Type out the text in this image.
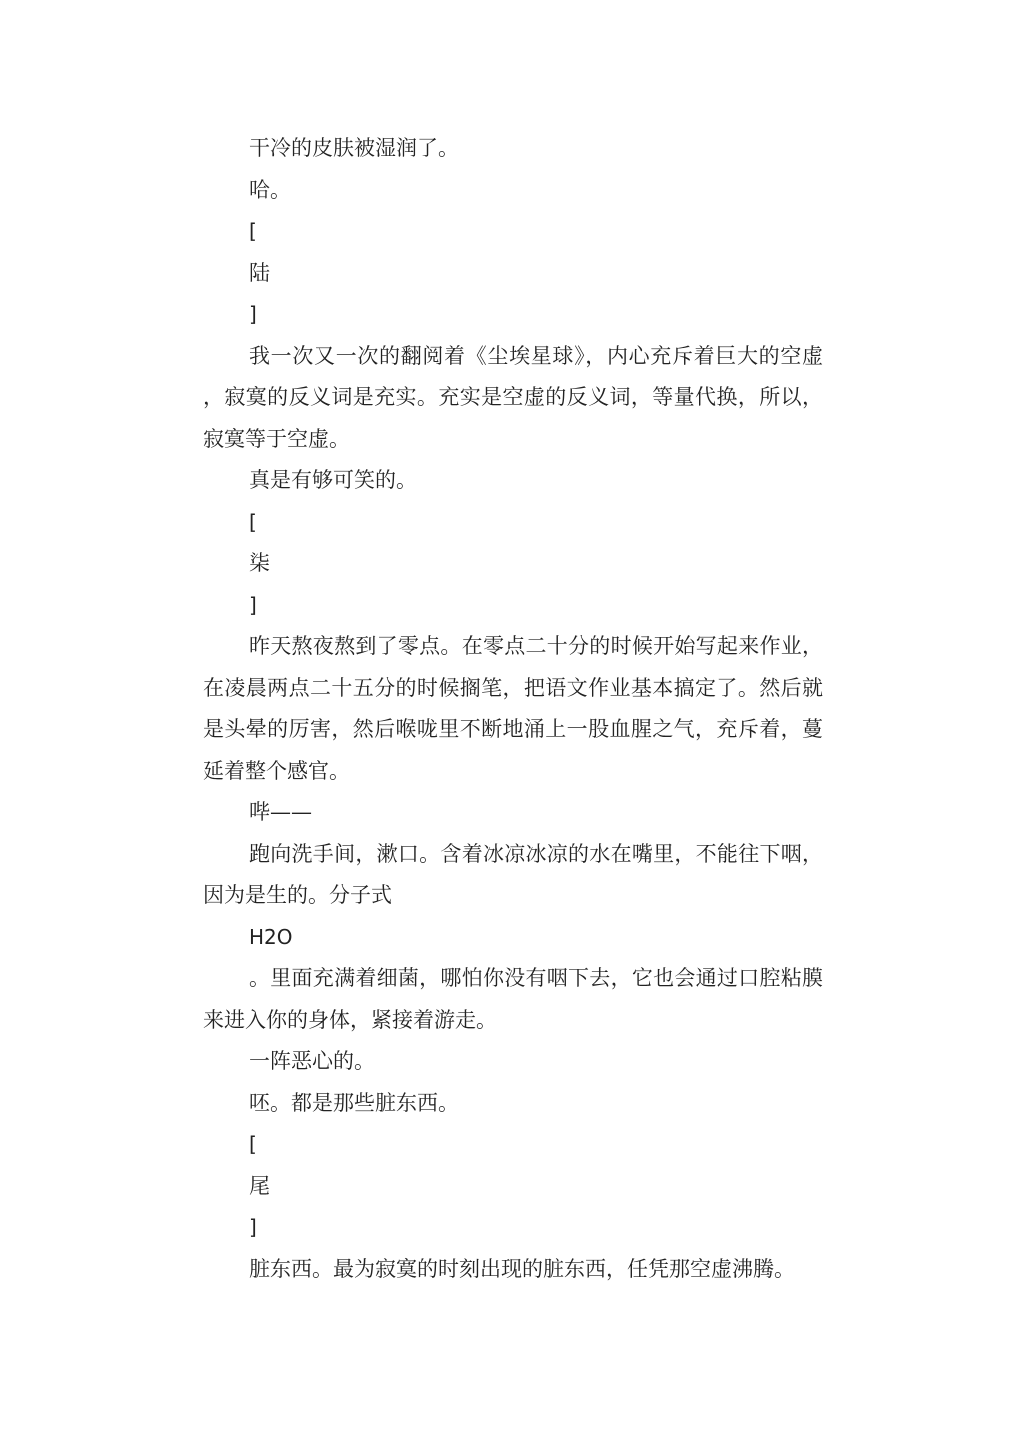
干冷的皮肤被湿润了。

哈。

[

陆

]

我一次又一次的翻阅着《尘埃星球》，内心充斥着巨大的空虚，寂寞的反义词是充实。充实是空虚的反义词，等量代换，所以，寂寞等于空虚。

真是有够可笑的。

[

柒

]

昨天熬夜熬到了零点。在零点二十分的时候开始写起来作业，在凌晨两点二十五分的时候搁笔，把语文作业基本搞定了。然后就是头晕的厉害，然后喉咙里不断地涌上一股血腥之气，充斥着，蔓延着整个感官。

哔——

跑向洗手间，漱口。含着冰凉冰凉的水在嘴里，不能往下咽，因为是生的。分子式

H2O

。里面充满着细菌，哪怕你没有咽下去，它也会通过口腔粘膜来进入你的身体，紧接着游走。

一阵恶心的。

呸。都是那些脏东西。

[

尾

]

脏东西。最为寂寞的时刻出现的脏东西，任凭那空虚沸腾。
